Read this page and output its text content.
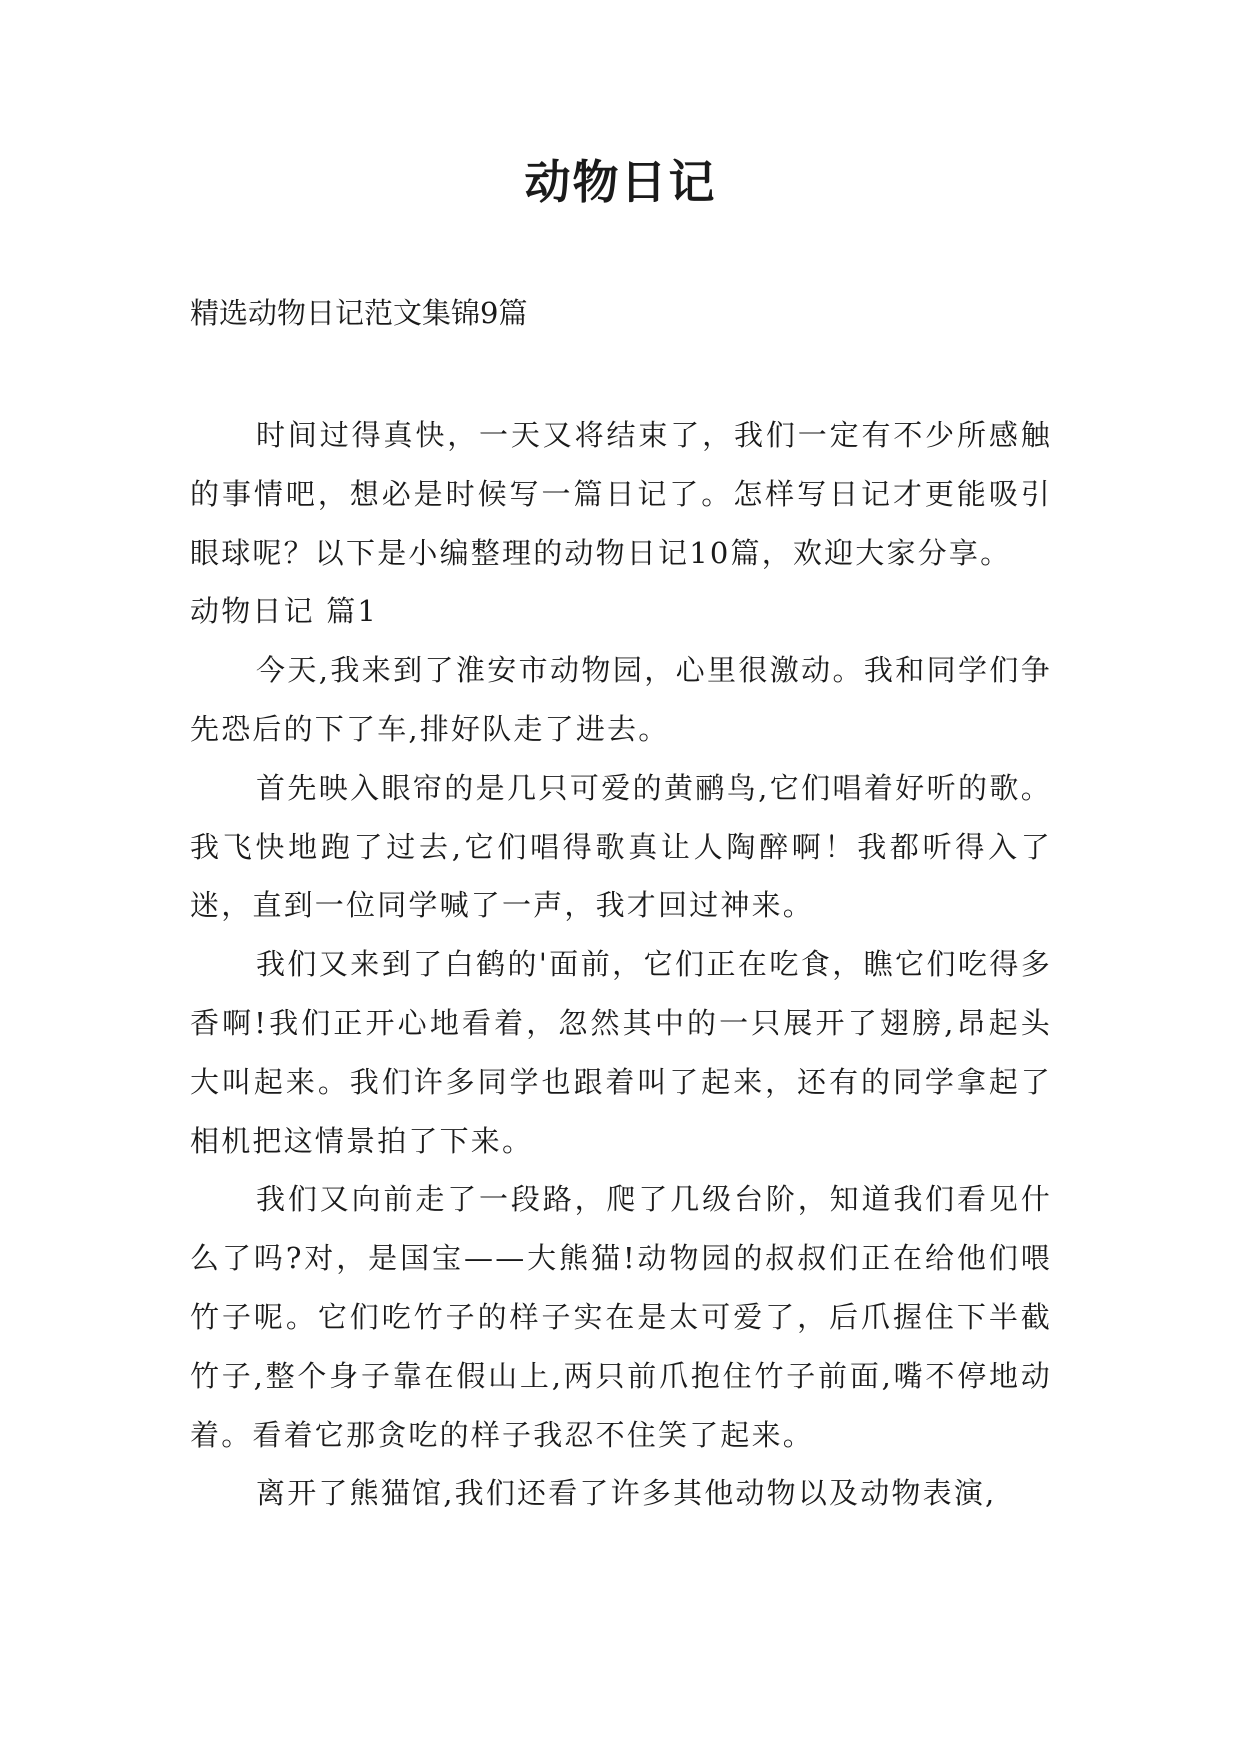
动物日记
精选动物日记范文集锦9篇

时间过得真快，一天又将结束了，我们一定有不少所感触的事情吧，想必是时候写一篇日记了。怎样写日记才更能吸引眼球呢？以下是小编整理的动物日记10篇，欢迎大家分享。

动物日记 篇1

今天,我来到了淮安市动物园，心里很激动。我和同学们争先恐后的下了车,排好队走了进去。

首先映入眼帘的是几只可爱的黄鹂鸟,它们唱着好听的歌。我飞快地跑了过去,它们唱得歌真让人陶醉啊！我都听得入了迷，直到一位同学喊了一声，我才回过神来。

我们又来到了白鹤的'面前，它们正在吃食，瞧它们吃得多香啊!我们正开心地看着，忽然其中的一只展开了翅膀,昂起头大叫起来。我们许多同学也跟着叫了起来，还有的同学拿起了相机把这情景拍了下来。

我们又向前走了一段路，爬了几级台阶，知道我们看见什么了吗?对，是国宝——大熊猫!动物园的叔叔们正在给他们喂竹子呢。它们吃竹子的样子实在是太可爱了，后爪握住下半截竹子,整个身子靠在假山上,两只前爪抱住竹子前面,嘴不停地动着。看着它那贪吃的样子我忍不住笑了起来。

离开了熊猫馆,我们还看了许多其他动物以及动物表演,
